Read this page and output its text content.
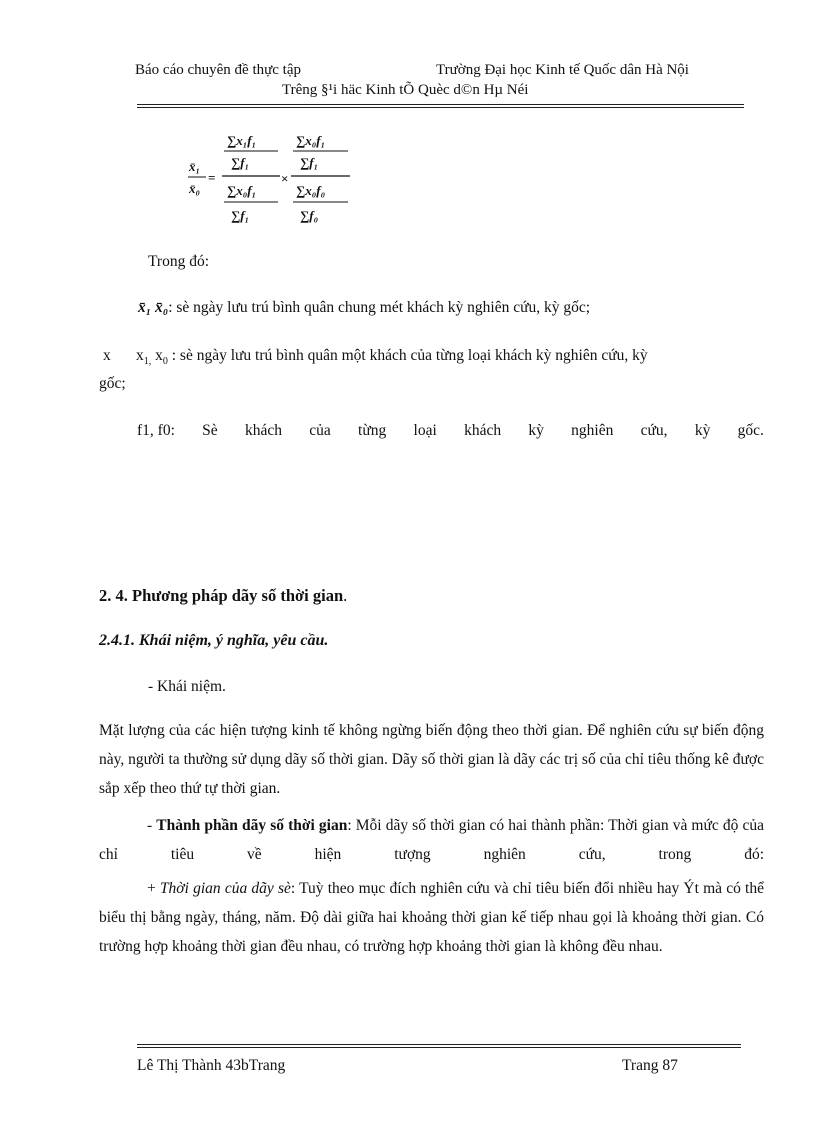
Báo cáo chuyên đề thực tập	Trường Đại học Kinh tế Quốc dân Hà Nội
Trêng §¹i häc Kinh tÕ Quèc d©n Hµ Néi
x̄₁
x̄₀
=
∑x₁f₁
∑f₁
∑x₀f₁
∑f₁
×
∑x₀f₁
∑f₁
∑x₀f₀
∑f₀
Trong đó:
x̄₁ x̄₀: sè ngày lưu trú bình quân chung mét khách kỳ nghiên cứu, kỳ gốc;
x $x_{1,}$ $x_0$ : sè ngày lưu trú bình quân một khách của từng loại khách kỳ nghiên cứu, kỳ
gốc;
f1, f0: Sè khách của từng loại khách kỳ nghiên cứu, kỳ gốc.
2. 4. Phương pháp dãy số thời gian.
2.4.1. Khái niệm, ý nghĩa, yêu cầu.
- Khái niệm.
Mặt lượng của các hiện tượng kinh tế không ngừng biến động theo thời gian. Để nghiên cứu sự biến động này, người ta thường sử dụng dãy số thời gian. Dãy số thời gian là dãy các trị số của chỉ tiêu thống kê được sắp xếp theo thứ tự thời gian.
- Thành phần dãy số thời gian: Mỗi dãy số thời gian có hai thành phần: Thời gian và mức độ của chỉ tiêu về hiện tượng nghiên cứu, trong đó:
+ Thời gian của dãy sè: Tuỳ theo mục đích nghiên cứu và chỉ tiêu biến đổi nhiều hay Ýt mà có thể biểu thị bằng ngày, tháng, năm. Độ dài giữa hai khoảng thời gian kế tiếp nhau gọi là khoảng thời gian. Có trường hợp khoảng thời gian đều nhau, có trường hợp khoảng thời gian là không đều nhau.
Lê Thị Thành 43bTrang	Trang 87
